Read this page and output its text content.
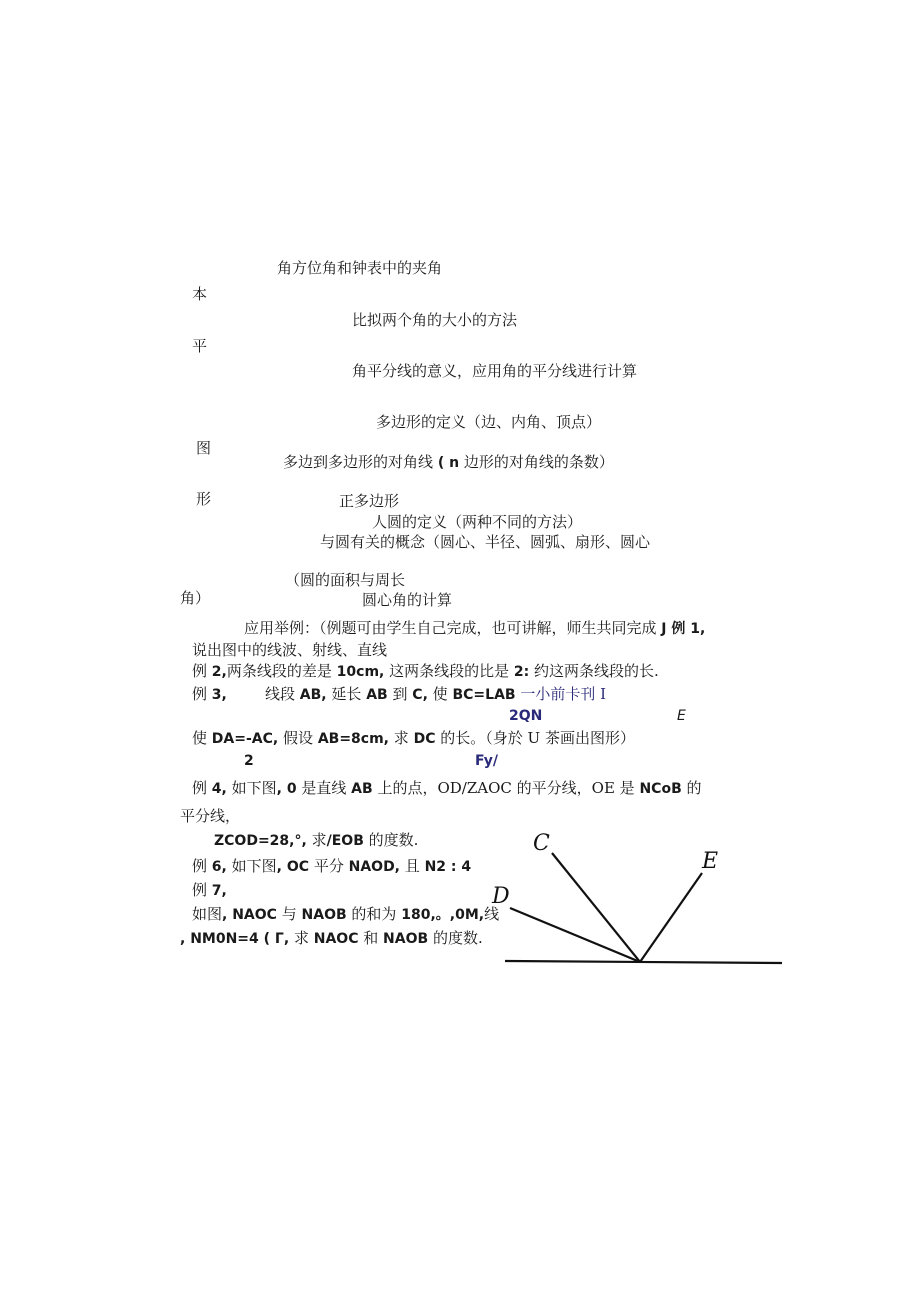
本
平
图
形
角）
角方位角和钟表中的夹角
比拟两个角的大小的方法
角平分线的意义，应用角的平分线进行计算
多边形的定义（边、内角、顶点）
多边到多边形的对角线 ( n 边形的对角线的条数）
正多边形
人圆的定义（两种不同的方法）
与圆有关的概念（圆心、半径、圆弧、扇形、圆心
（圆的面积与周长
圆心角的计算
应用举例：（例题可由学生自己完成，也可讲解，师生共同完成 J 例 1,
说出图中的线波、射线、直线
例 2,两条线段的差是 10cm, 这两条线段的比是 2: 约这两条线段的长.
例 3,	线段 AB, 延长 AB 到 C, 使 BC=LAB 一小前卡刊 I
2QN	E
使 DA=-AC, 假设 AB=8cm, 求 DC 的长。（身於 U 茶画出图形）
2	Fy/
例 4, 如下图, 0 是直线 AB 上的点，OD/ZAOC 的平分线，OE 是 NCoB 的
平分线，
ZCOD=28,°, 求/EOB 的度数.
例 6, 如下图, OC 平分 NAOD, 且 N2 : 4
例 7,
如图, NAOC 与 NAOB 的和为 180,。,0M,线
, NM0N=4 ( Γ, 求 NAOC 和 NAOB 的度数.
C
E
D
